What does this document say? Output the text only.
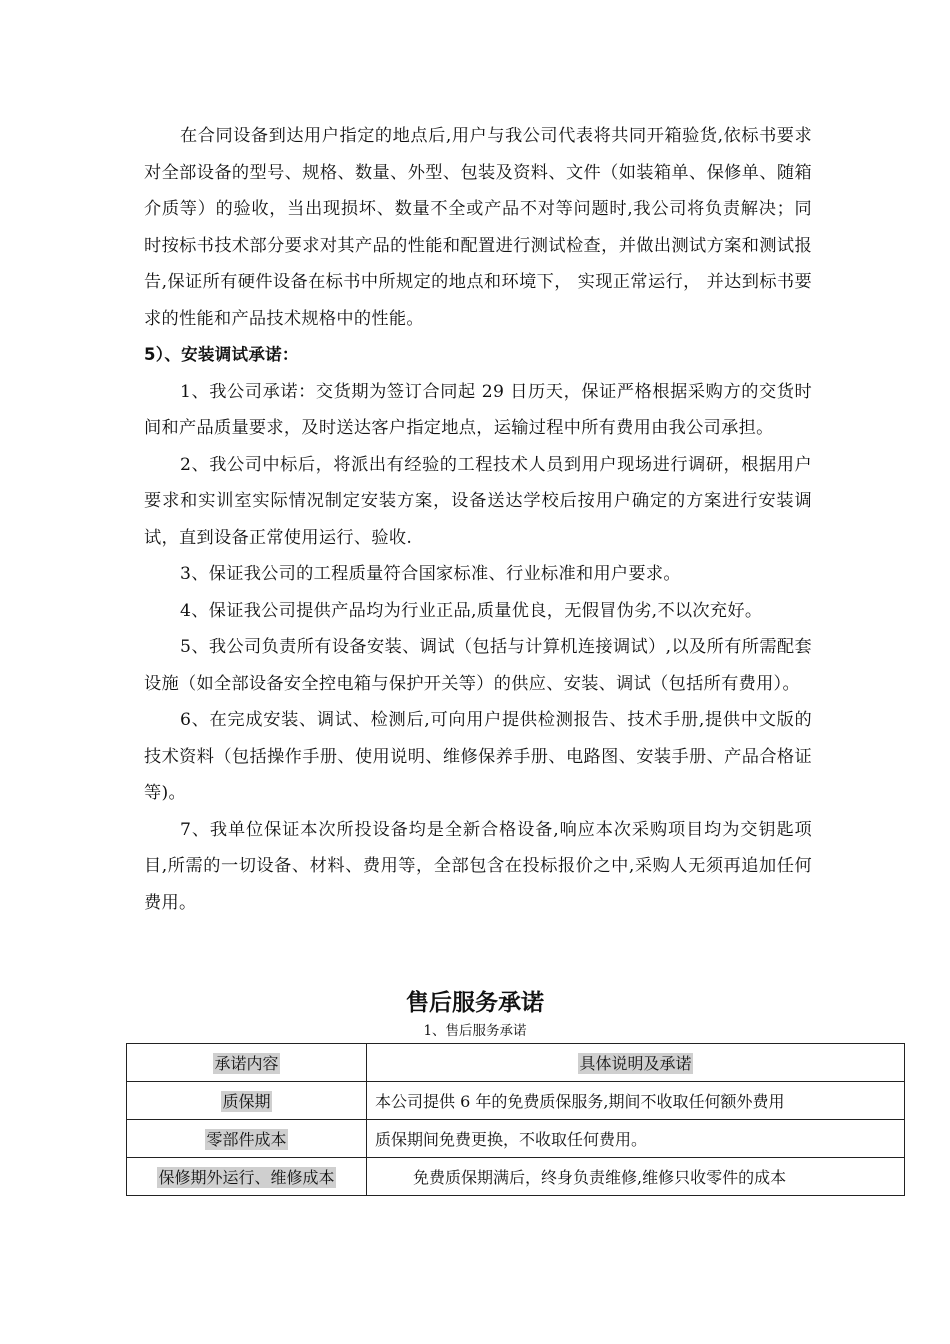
在合同设备到达用户指定的地点后,用户与我公司代表将共同开箱验货,依标书要求对全部设备的型号、规格、数量、外型、包装及资料、文件（如装箱单、保修单、随箱介质等）的验收，当出现损坏、数量不全或产品不对等问题时,我公司将负责解决；同时按标书技术部分要求对其产品的性能和配置进行测试检查，并做出测试方案和测试报告,保证所有硬件设备在标书中所规定的地点和环境下， 实现正常运行， 并达到标书要求的性能和产品技术规格中的性能。

5）、安装调试承诺：

1、我公司承诺：交货期为签订合同起 29 日历天，保证严格根据采购方的交货时间和产品质量要求，及时送达客户指定地点，运输过程中所有费用由我公司承担。

2、我公司中标后，将派出有经验的工程技术人员到用户现场进行调研，根据用户要求和实训室实际情况制定安装方案，设备送达学校后按用户确定的方案进行安装调试，直到设备正常使用运行、验收.

3、保证我公司的工程质量符合国家标准、行业标准和用户要求。

4、保证我公司提供产品均为行业正品,质量优良，无假冒伪劣,不以次充好。

5、我公司负责所有设备安装、调试（包括与计算机连接调试）,以及所有所需配套设施（如全部设备安全控电箱与保护开关等）的供应、安装、调试（包括所有费用）。

6、在完成安装、调试、检测后,可向用户提供检测报告、技术手册,提供中文版的技术资料（包括操作手册、使用说明、维修保养手册、电路图、安装手册、产品合格证等)。

7、我单位保证本次所投设备均是全新合格设备,响应本次采购项目均为交钥匙项目,所需的一切设备、材料、费用等，全部包含在投标报价之中,采购人无须再追加任何费用。

售后服务承诺

1、售后服务承诺

承诺内容	具体说明及承诺
质保期	本公司提供 6 年的免费质保服务,期间不收取任何额外费用
零部件成本	质保期间免费更换，不收取任何费用。
保修期外运行、维修成本	免费质保期满后，终身负责维修,维修只收零件的成本
